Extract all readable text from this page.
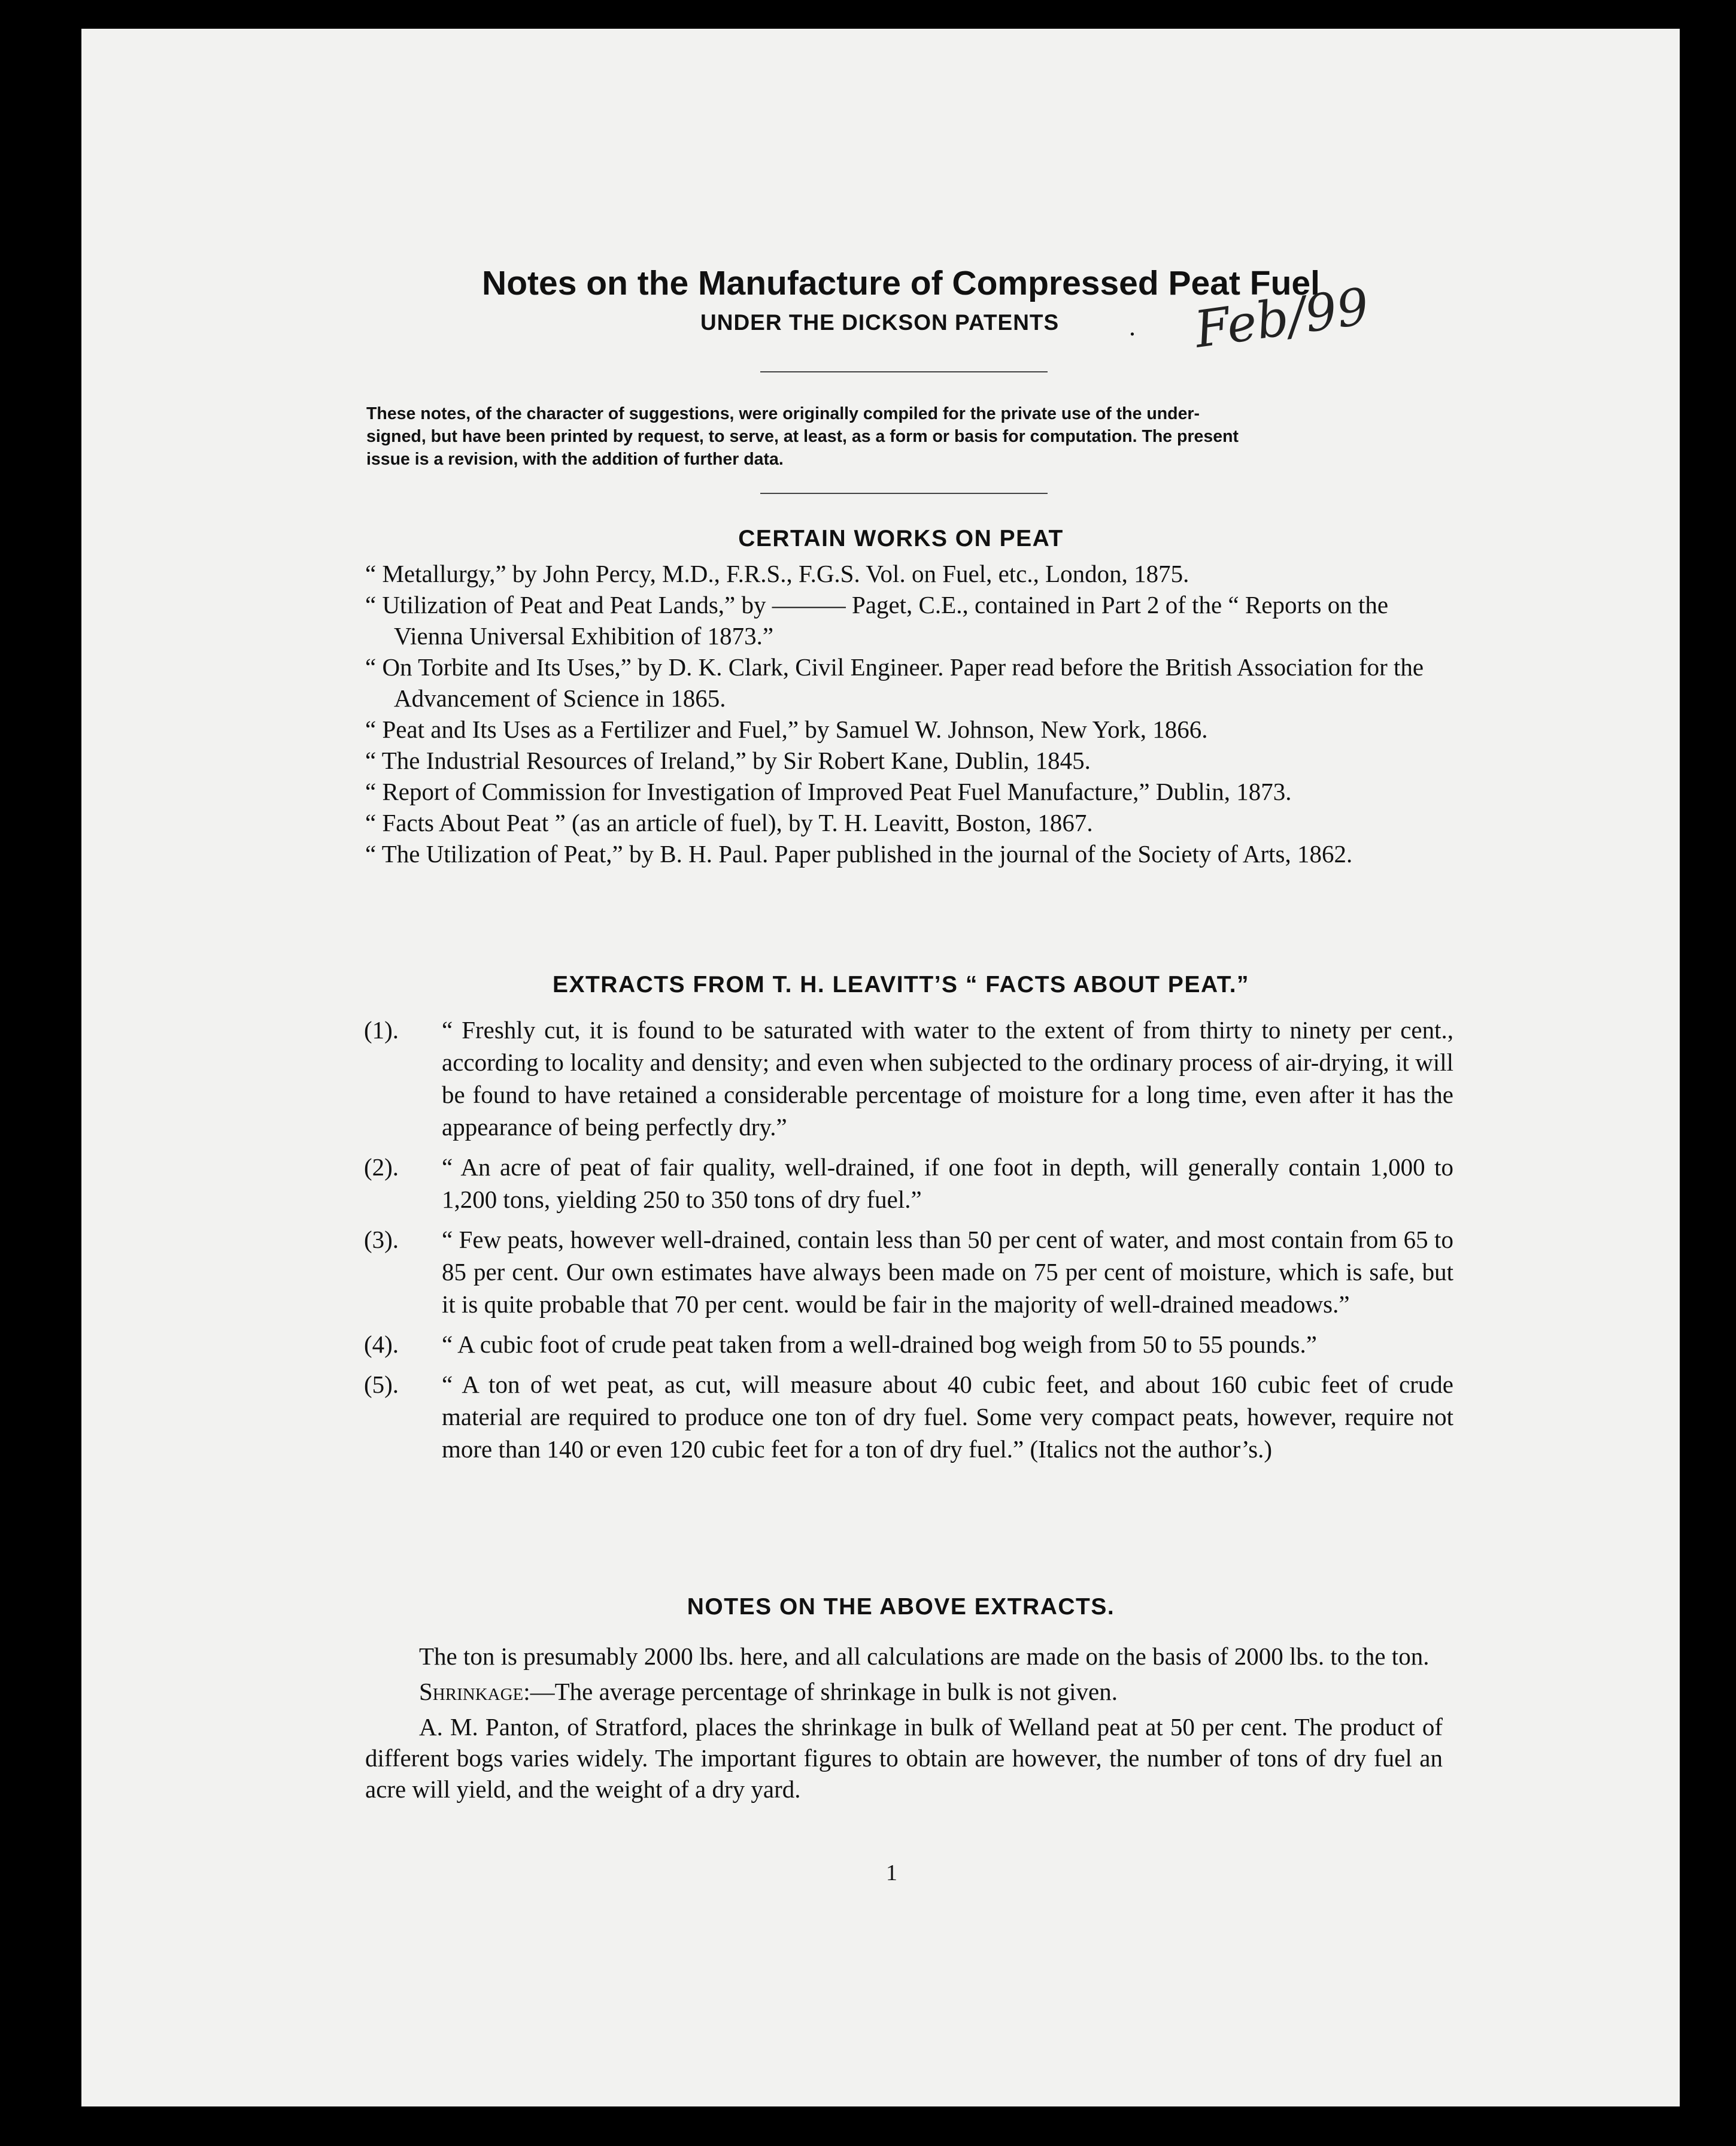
Notes on the Manufacture of Compressed Peat Fuel
UNDER THE DICKSON PATENTS	. Feb/99

These notes, of the character of suggestions, were originally compiled for the private use of the under-

signed, but have been printed by request, to serve, at least, as a form or basis for computation. The present

issue is a revision, with the addition of further data.

CERTAIN WORKS ON PEAT
“ Metallurgy,” by John Percy, M.D., F.R.S., F.G.S. Vol. on Fuel, etc., London, 1875.
“ Utilization of Peat and Peat Lands,” by ——— Paget, C.E., contained in Part 2 of the “ Reports on the Vienna Universal Exhibition of 1873.”
“ On Torbite and Its Uses,” by D. K. Clark, Civil Engineer. Paper read before the British Association for the Advancement of Science in 1865.
“ Peat and Its Uses as a Fertilizer and Fuel,” by Samuel W. Johnson, New York, 1866.
“ The Industrial Resources of Ireland,” by Sir Robert Kane, Dublin, 1845.
“ Report of Commission for Investigation of Improved Peat Fuel Manufacture,” Dublin, 1873.
“ Facts About Peat ” (as an article of fuel), by T. H. Leavitt, Boston, 1867.
“ The Utilization of Peat,” by B. H. Paul. Paper published in the journal of the Society of Arts, 1862.
EXTRACTS FROM T. H. LEAVITT’S “ FACTS ABOUT PEAT.”
(1).	“ Freshly cut, it is found to be saturated with water to the extent of from thirty to ninety per cent., according to locality and density; and even when subjected to the ordinary process of air-drying, it will be found to have retained a considerable percentage of moisture for a long time, even after it has the appearance of being perfectly dry.”
(2).	“ An acre of peat of fair quality, well-drained, if one foot in depth, will generally contain 1,000 to 1,200 tons, yielding 250 to 350 tons of dry fuel.”
(3).	“ Few peats, however well-drained, contain less than 50 per cent of water, and most contain from 65 to 85 per cent. Our own estimates have always been made on 75 per cent of moisture, which is safe, but it is quite probable that 70 per cent. would be fair in the majority of well-drained meadows.”
(4).	“ A cubic foot of crude peat taken from a well-drained bog weigh from 50 to 55 pounds.”
(5).	“ A ton of wet peat, as cut, will measure about 40 cubic feet, and about 160 cubic feet of crude material are required to produce one ton of dry fuel. Some very compact peats, however, require not more than 140 or even 120 cubic feet for a ton of dry fuel.” (Italics not the author’s.)
NOTES ON THE ABOVE EXTRACTS.

The ton is presumably 2000 lbs. here, and all calculations are made on the basis of 2000 lbs. to the ton.

Shrinkage:—The average percentage of shrinkage in bulk is not given.

A. M. Panton, of Stratford, places the shrinkage in bulk of Welland peat at 50 per cent. The product of different bogs varies widely. The important figures to obtain are however, the number of tons of dry fuel an acre will yield, and the weight of a dry yard.

1
